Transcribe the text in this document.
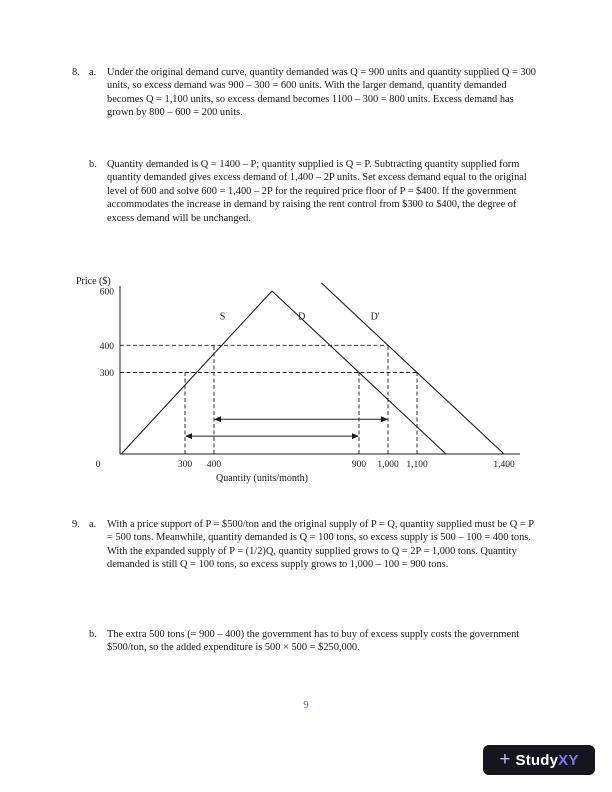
8. a.	Under the original demand curve, quantity demanded was Q = 900 units and quantity supplied Q = 300 units, so excess demand was 900 – 300 = 600 units. With the larger demand, quantity demanded becomes Q = 1,100 units, so excess demand becomes 1100 – 300 = 800 units. Excess demand has grown by 800 – 600 = 200 units.

b. Quantity demanded is Q = 1400 – P; quantity supplied is Q = P. Subtracting quantity supplied form quantity demanded gives excess demand of 1,400 – 2P units. Set excess demand equal to the original level of 600 and solve 600 = 1,400 – 2P for the required price floor of P = $400. If the government accommodates the increase in demand by raising the rent control from $300 to $400, the degree of excess demand will be unchanged.

Price ($)
Quantity (units/month)
S	D	D'
600
400
300
0	300 400	900 1,000 1,100	1,400
9. a.	With a price support of P = $500/ton and the original supply of P = Q, quantity supplied must be Q = P = 500 tons. Meanwhile, quantity demanded is Q = 100 tons, so excess supply is 500 – 100 = 400 tons. With the expanded supply of P = (1/2)Q, quantity supplied grows to Q = 2P = 1,000 tons. Quantity demanded is still Q = 100 tons, so excess supply grows to 1,000 – 100 = 900 tons.

b. The extra 500 tons (= 900 – 400) the government has to buy of excess supply costs the government $500/ton, so the added expenditure is 500 × 500 = $250,000.

9
+ Study XY
